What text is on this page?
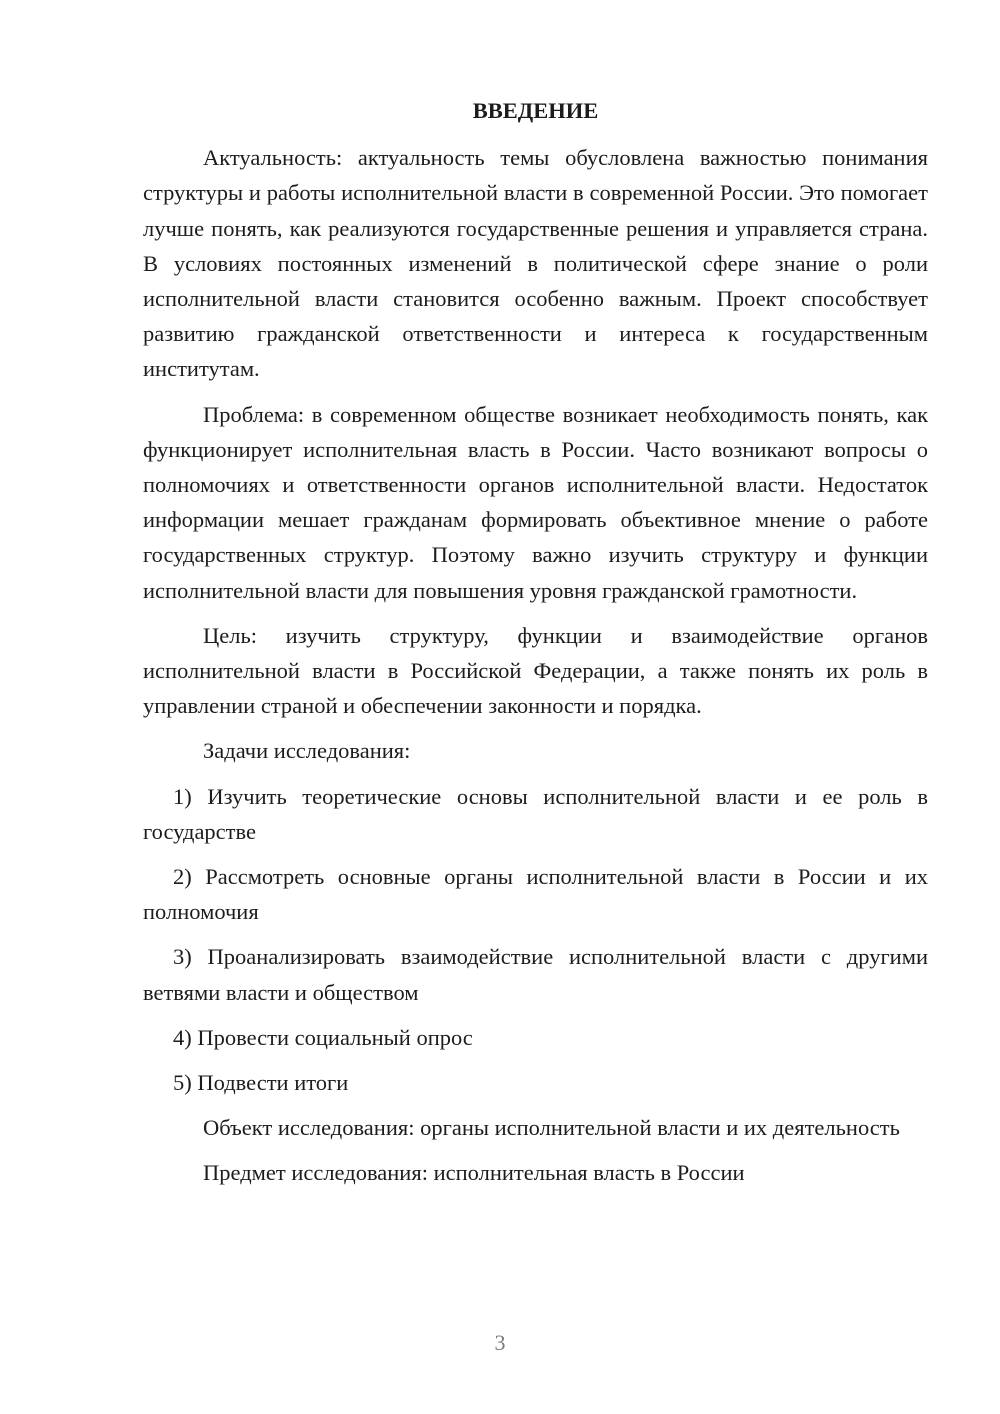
ВВЕДЕНИЕ

Актуальность: актуальность темы обусловлена важностью понимания структуры и работы исполнительной власти в современной России. Это помогает лучше понять, как реализуются государственные решения и управляется страна. В условиях постоянных изменений в политической сфере знание о роли исполнительной власти становится особенно важным. Проект способствует развитию гражданской ответственности и интереса к государственным институтам.

Проблема: в современном обществе возникает необходимость понять, как функционирует исполнительная власть в России. Часто возникают вопросы о полномочиях и ответственности органов исполнительной власти. Недостаток информации мешает гражданам формировать объективное мнение о работе государственных структур. Поэтому важно изучить структуру и функции исполнительной власти для повышения уровня гражданской грамотности.

Цель: изучить структуру, функции и взаимодействие органов исполнительной власти в Российской Федерации, а также понять их роль в управлении страной и обеспечении законности и порядка.

Задачи исследования:

1) Изучить теоретические основы исполнительной власти и ее роль в государстве

2) Рассмотреть основные органы исполнительной власти в России и их полномочия

3) Проанализировать взаимодействие исполнительной власти с другими ветвями власти и обществом

4) Провести социальный опрос

5) Подвести итоги

Объект исследования: органы исполнительной власти и их деятельность

Предмет исследования: исполнительная власть в России

3
